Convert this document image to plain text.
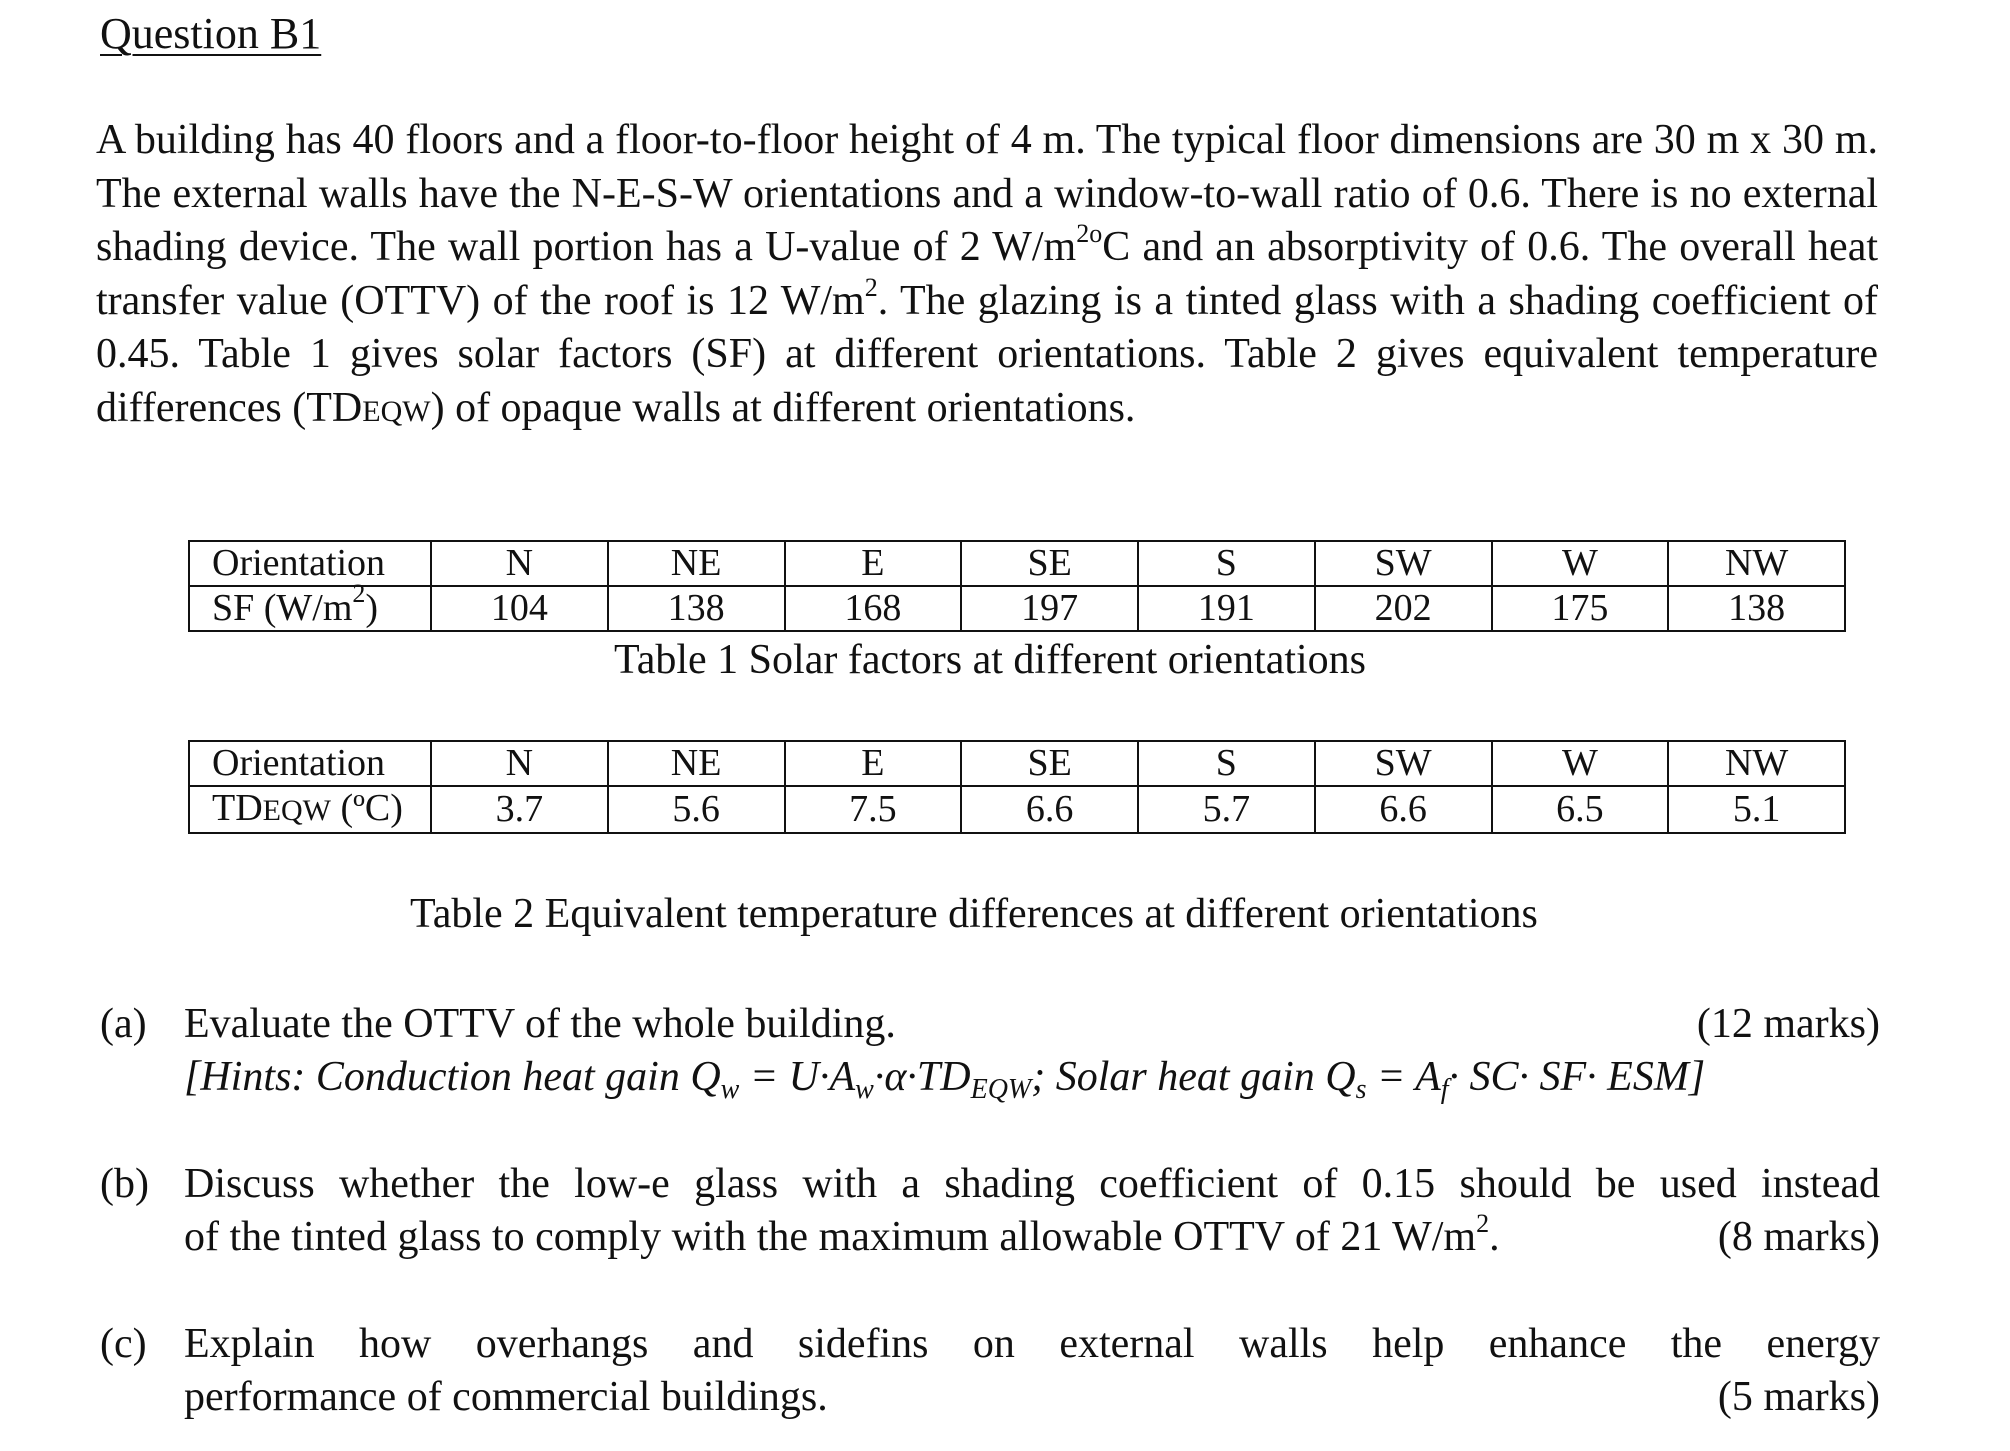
Question B1
A building has 40 floors and a floor-to-floor height of 4 m. The typical floor dimensions are 30 m x 30 m. The external walls have the N-E-S-W orientations and a window-to-wall ratio of 0.6. There is no external shading device. The wall portion has a U-value of 2 $W/m^{2o}C$ and an absorptivity of 0.6. The overall heat transfer value (OTTV) of the roof is 12 $W/m^2$. The glazing is a tinted glass with a shading coefficient of 0.45. Table 1 gives solar factors (SF) at different orientations. Table 2 gives equivalent temperature differences (TDEQW) of opaque walls at different orientations.
Orientation	N	NE	E	SE	S	SW	W	NW
SF $(W/m^2)$	104	138	168	197	191	202	175	138
Table 1 Solar factors at different orientations
Orientation	N	NE	E	SE	S	SW	W	NW
TDEQW (ºC)	3.7	5.6	7.5	6.6	5.7	6.6	6.5	5.1
Table 2 Equivalent temperature differences at different orientations
(a) Evaluate the OTTV of the whole building.	(12 marks)
[Hints: Conduction heat gain $Q_w = U\cdot A_w\cdot\alpha\cdot TD_{EQW}$; Solar heat gain $Q_s = A_f\cdot SC\cdot SF\cdot ESM$]
(b) Discuss whether the low-e glass with a shading coefficient of 0.15 should be used instead
of the tinted glass to comply with the maximum allowable OTTV of 21 $W/m^2$.	(8 marks)
(c) Explain how overhangs and sidefins on external walls help enhance the energy
performance of commercial buildings.	(5 marks)
